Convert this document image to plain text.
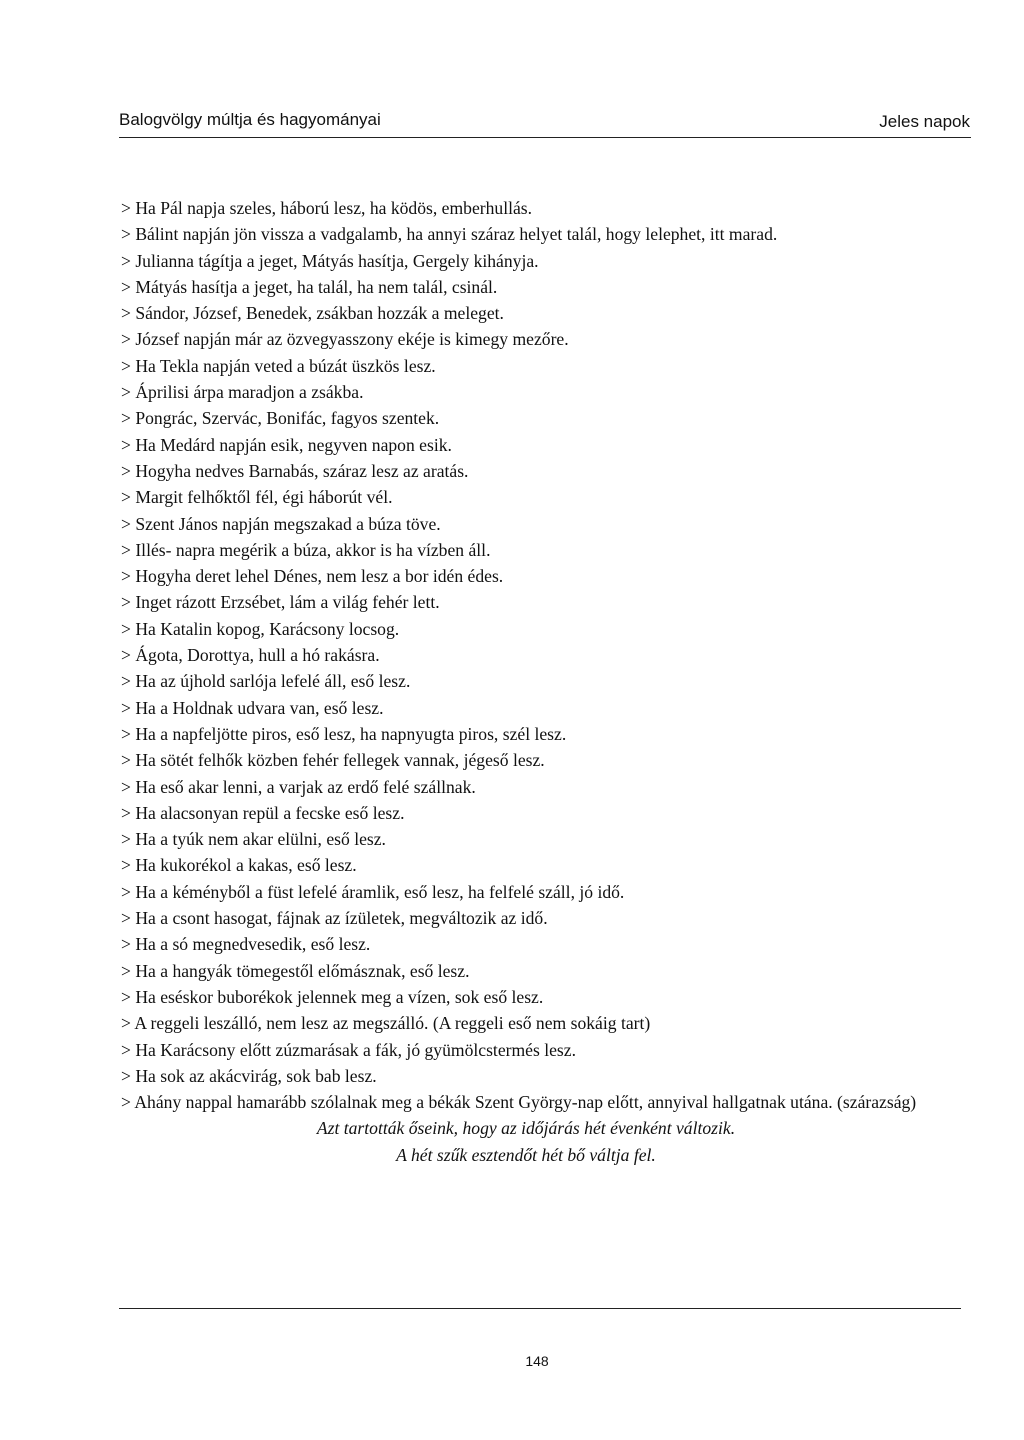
Balogvölgy múltja és hagyományai	Jeles napok

> Ha Pál napja szeles, háború lesz, ha ködös, emberhullás.

> Bálint napján jön vissza a vadgalamb, ha annyi száraz helyet talál, hogy lelephet, itt marad.

> Julianna tágítja a jeget, Mátyás hasítja, Gergely kihányja.

> Mátyás hasítja a jeget, ha talál, ha nem talál, csinál.

> Sándor, József, Benedek, zsákban hozzák a meleget.

> József napján már az özvegyasszony ekéje is kimegy mezőre.

> Ha Tekla napján veted a búzát üszkös lesz.

> Áprilisi árpa maradjon a zsákba.

> Pongrác, Szervác, Bonifác, fagyos szentek.

> Ha Medárd napján esik, negyven napon esik.

> Hogyha nedves Barnabás, száraz lesz az aratás.

> Margit felhőktől fél, égi háborút vél.

> Szent János napján megszakad a búza töve.

> Illés- napra megérik a búza, akkor is ha vízben áll.

> Hogyha deret lehel Dénes, nem lesz a bor idén édes.

> Inget rázott Erzsébet, lám a világ fehér lett.

> Ha Katalin kopog, Karácsony locsog.

> Ágota, Dorottya, hull a hó rakásra.

> Ha az újhold sarlója lefelé áll, eső lesz.

> Ha a Holdnak udvara van, eső lesz.

> Ha a napfeljötte piros, eső lesz, ha napnyugta piros, szél lesz.

> Ha sötét felhők közben fehér fellegek vannak, jégeső lesz.

> Ha eső akar lenni, a varjak az erdő felé szállnak.

> Ha alacsonyan repül a fecske eső lesz.

> Ha a tyúk nem akar elülni, eső lesz.

> Ha kukorékol a kakas, eső lesz.

> Ha a kéményből a füst lefelé áramlik, eső lesz, ha felfelé száll, jó idő.

> Ha a csont hasogat, fájnak az ízületek, megváltozik az idő.

> Ha a só megnedvesedik, eső lesz.

> Ha a hangyák tömegestől előmásznak, eső lesz.

> Ha eséskor buborékok jelennek meg a vízen, sok eső lesz.

> A reggeli leszálló, nem lesz az megszálló. (A reggeli eső nem sokáig tart)

> Ha Karácsony előtt zúzmarásak a fák, jó gyümölcstermés lesz.

> Ha sok az akácvirág, sok bab lesz.

> Ahány nappal hamarább szólalnak meg a békák Szent György-nap előtt, annyival hallgatnak utána. (szárazság)

Azt tartották őseink, hogy az időjárás hét évenként változik.

A hét szűk esztendőt hét bő váltja fel.

148
